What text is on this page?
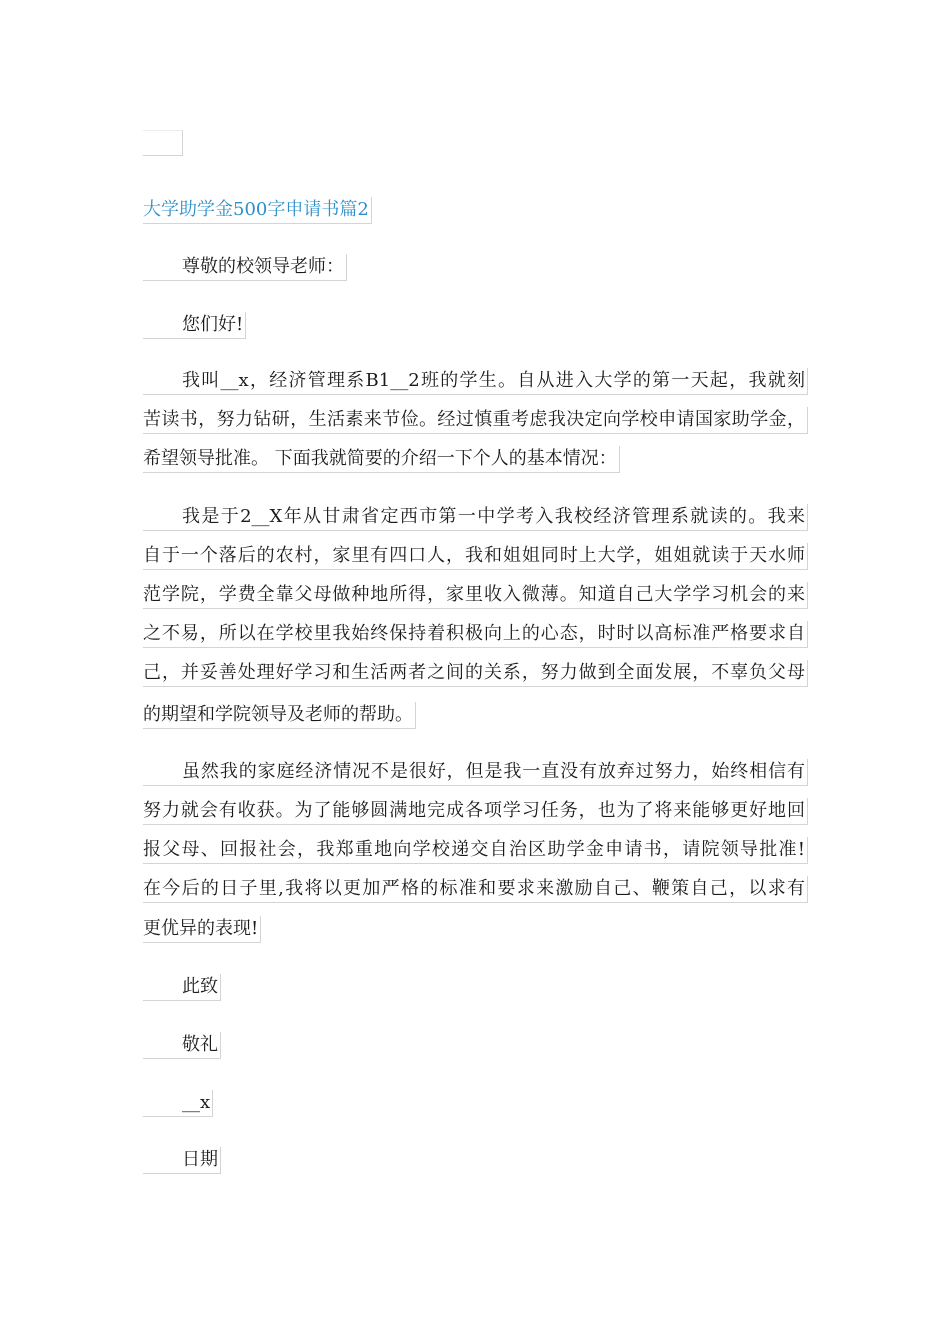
大学助学金500字申请书篇2
尊敬的校领导老师：
您们好!
我叫__x，经济管理系B1__2班的学生。自从进入大学的第一天起，我就刻
苦读书，努力钻研，生活素来节俭。经过慎重考虑我决定向学校申请国家助学金，
希望领导批准。 下面我就简要的介绍一下个人的基本情况：
我是于2__X年从甘肃省定西市第一中学考入我校经济管理系就读的。我来
自于一个落后的农村，家里有四口人，我和姐姐同时上大学，姐姐就读于天水师
范学院，学费全靠父母做种地所得，家里收入微薄。知道自己大学学习机会的来
之不易，所以在学校里我始终保持着积极向上的心态，时时以高标准严格要求自
己，并妥善处理好学习和生活两者之间的关系，努力做到全面发展，不辜负父母
的期望和学院领导及老师的帮助。
虽然我的家庭经济情况不是很好，但是我一直没有放弃过努力，始终相信有
努力就会有收获。为了能够圆满地完成各项学习任务，也为了将来能够更好地回
报父母、回报社会，我郑重地向学校递交自治区助学金申请书，请院领导批准!
在今后的日子里,我将以更加严格的标准和要求来激励自己、鞭策自己，以求有
更优异的表现!
此致
敬礼
__x
日期
